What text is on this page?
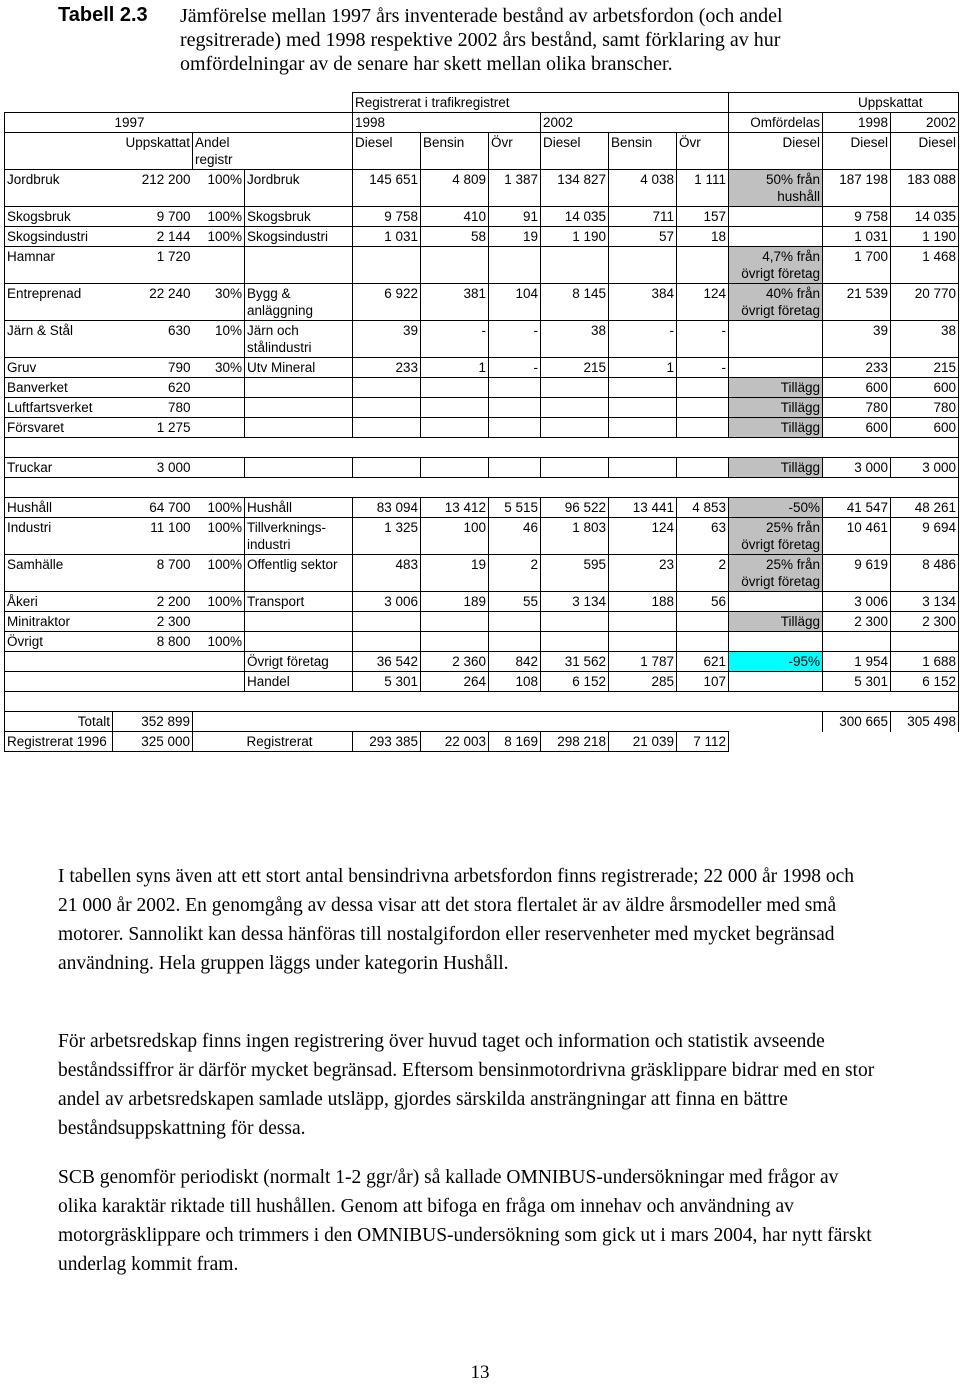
Tabell 2.3 Jämförelse mellan 1997 års inventerade bestånd av arbetsfordon (och andel regsitrerade) med 1998 respektive 2002 års bestånd, samt förklaring av hur omfördelningar av de senare har skett mellan olika branscher.
				Registrerat i trafikregistret							Uppskattat	
	1997			1998			2002			Omfördelas	1998	2002
	Uppskattat	Andel registr		Diesel	Bensin	Övr	Diesel	Bensin	Övr	Diesel	Diesel	Diesel
Jordbruk	212 200	100%	Jordbruk	145 651	4 809	1 387	134 827	4 038	1 111	50% från hushåll	187 198	183 088
Skogsbruk	9 700	100%	Skogsbruk	9 758	410	91	14 035	711	157		9 758	14 035
Skogsindustri	2 144	100%	Skogsindustri	1 031	58	19	1 190	57	18		1 031	1 190
Hamnar	1 720									4,7% från övrigt företag	1 700	1 468
Entreprenad	22 240	30%	Bygg & anläggning	6 922	381	104	8 145	384	124	40% från övrigt företag	21 539	20 770
Järn & Stål	630	10%	Järn och stålindustri	39	-	-	38	-	-		39	38
Gruv	790	30%	Utv Mineral	233	1	-	215	1	-		233	215
Banverket	620									Tillägg	600	600
Luftfartsverket	780									Tillägg	780	780
Försvaret	1 275									Tillägg	600	600

Truckar	3 000									Tillägg	3 000	3 000

Hushåll	64 700	100%	Hushåll	83 094	13 412	5 515	96 522	13 441	4 853	-50%	41 547	48 261
Industri	11 100	100%	Tillverknings- industri	1 325	100	46	1 803	124	63	25% från övrigt företag	10 461	9 694
Samhälle	8 700	100%	Offentlig sektor	483	19	2	595	23	2	25% från övrigt företag	9 619	8 486
Åkeri	2 200	100%	Transport	3 006	189	55	3 134	188	56		3 006	3 134
Minitraktor	2 300									Tillägg	2 300	2 300
Övrigt	8 800	100%										
			Övrigt företag	36 542	2 360	842	31 562	1 787	621	-95%	1 954	1 688
			Handel	5 301	264	108	6 152	285	107		5 301	6 152

Totalt	352 899										300 665	305 498
Registrerat 1996	325 000		Registrerat	293 385	22 003	8 169	298 218	21 039	7 112			
I tabellen syns även att ett stort antal bensindrivna arbetsfordon finns registrerade; 22 000 år 1998 och 21 000 år 2002. En genomgång av dessa visar att det stora flertalet är av äldre årsmodeller med små motorer. Sannolikt kan dessa hänföras till nostalgifordon eller reservenheter med mycket begränsad användning. Hela gruppen läggs under kategorin Hushåll.
För arbetsredskap finns ingen registrering över huvud taget och information och statistik avseende beståndssiffror är därför mycket begränsad. Eftersom bensinmotordrivna gräsklippare bidrar med en stor andel av arbetsredskapen samlade utsläpp, gjordes särskilda ansträngningar att finna en bättre beståndsuppskattning för dessa.
SCB genomför periodiskt (normalt 1-2 ggr/år) så kallade OMNIBUS-undersökningar med frågor av olika karaktär riktade till hushållen. Genom att bifoga en fråga om innehav och användning av motorgräsklippare och trimmers i den OMNIBUS-undersökning som gick ut i mars 2004, har nytt färskt underlag kommit fram.
13
